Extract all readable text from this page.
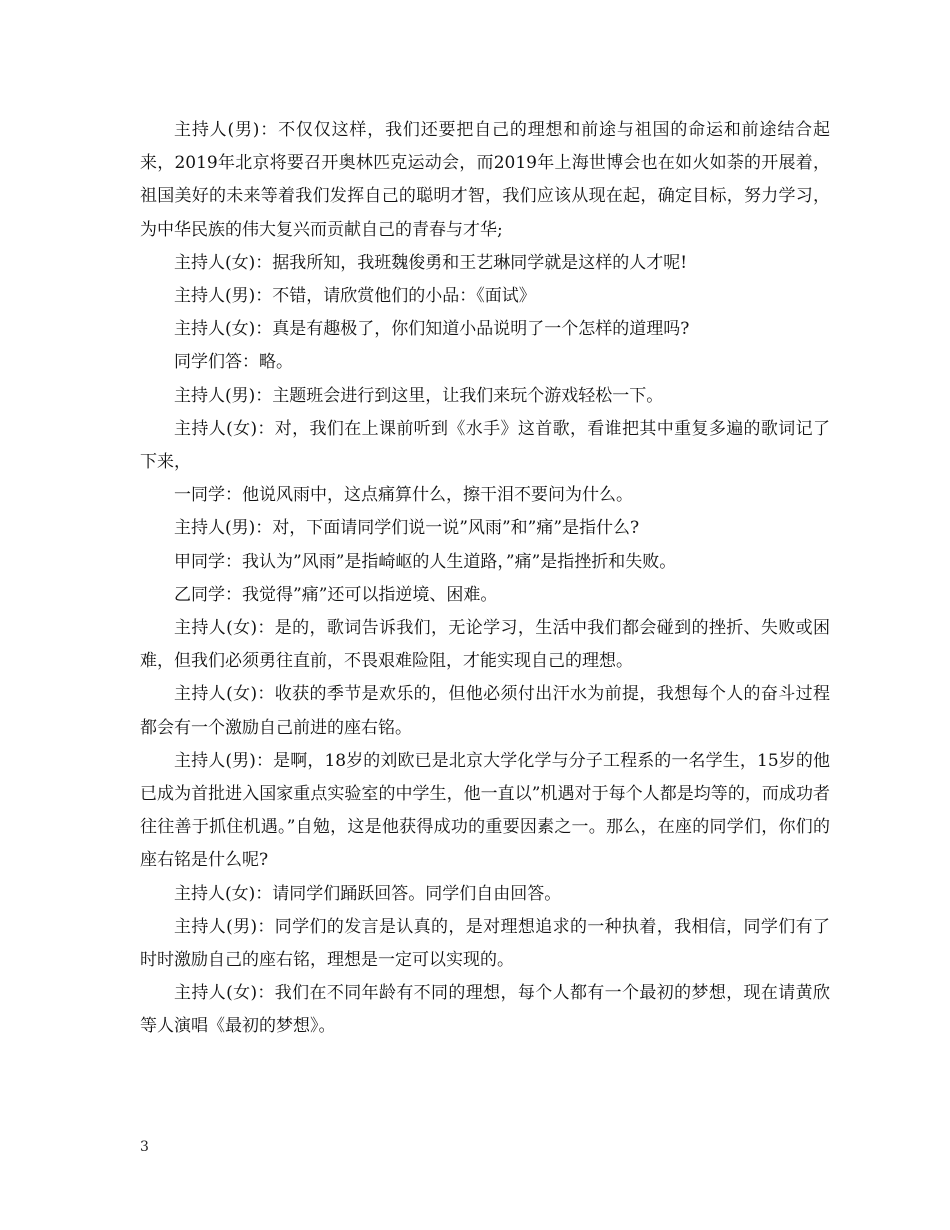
主持人(男)：不仅仅这样，我们还要把自己的理想和前途与祖国的命运和前途结合起来，2019年北京将要召开奥林匹克运动会，而2019年上海世博会也在如火如荼的开展着，祖国美好的未来等着我们发挥自己的聪明才智，我们应该从现在起，确定目标，努力学习，为中华民族的伟大复兴而贡献自己的青春与才华;

主持人(女)：据我所知，我班魏俊勇和王艺琳同学就是这样的人才呢!

主持人(男)：不错，请欣赏他们的小品：《面试》

主持人(女)：真是有趣极了，你们知道小品说明了一个怎样的道理吗?

同学们答：略。

主持人(男)：主题班会进行到这里，让我们来玩个游戏轻松一下。

主持人(女)：对，我们在上课前听到《水手》这首歌，看谁把其中重复多遍的歌词记了下来，

一同学：他说风雨中，这点痛算什么，擦干泪不要问为什么。

主持人(男)：对，下面请同学们说一说”风雨”和”痛”是指什么?

甲同学：我认为”风雨”是指崎岖的人生道路，”痛”是指挫折和失败。

乙同学：我觉得”痛”还可以指逆境、困难。

主持人(女)：是的，歌词告诉我们，无论学习，生活中我们都会碰到的挫折、失败或困难，但我们必须勇往直前，不畏艰难险阻，才能实现自己的理想。

主持人(女)：收获的季节是欢乐的，但他必须付出汗水为前提，我想每个人的奋斗过程都会有一个激励自己前进的座右铭。

主持人(男)：是啊，18岁的刘欧已是北京大学化学与分子工程系的一名学生，15岁的他已成为首批进入国家重点实验室的中学生，他一直以”机遇对于每个人都是均等的，而成功者往往善于抓住机遇。”自勉，这是他获得成功的重要因素之一。那么，在座的同学们，你们的座右铭是什么呢?

主持人(女)：请同学们踊跃回答。同学们自由回答。

主持人(男)：同学们的发言是认真的，是对理想追求的一种执着，我相信，同学们有了时时激励自己的座右铭，理想是一定可以实现的。

主持人(女)：我们在不同年龄有不同的理想，每个人都有一个最初的梦想，现在请黄欣等人演唱《最初的梦想》。

3
